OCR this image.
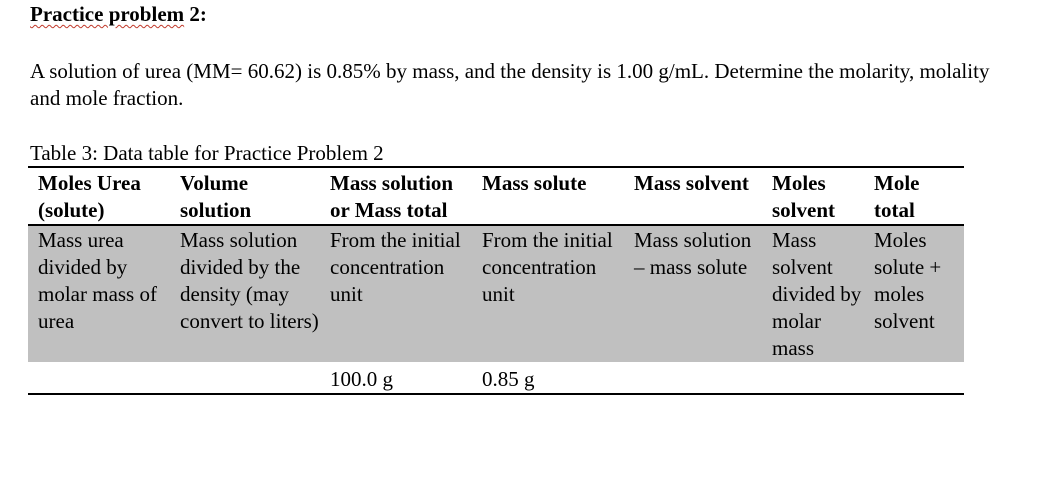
Practice problem 2:

A solution of urea (MM= 60.62) is 0.85% by mass, and the density is 1.00 g/mL. Determine the molarity, molality and mole fraction.

Table 3: Data table for Practice Problem 2

Moles Urea (solute)	Volume solution	Mass solution or Mass total	Mass solute	Mass solvent	Moles solvent	Mole total
Mass urea divided by molar mass of urea	Mass solution divided by the density (may convert to liters)	From the initial concentration unit	From the initial concentration unit	Mass solution – mass solute	Mass solvent divided by molar mass	Moles solute + moles solvent
		100.0 g	0.85 g			
